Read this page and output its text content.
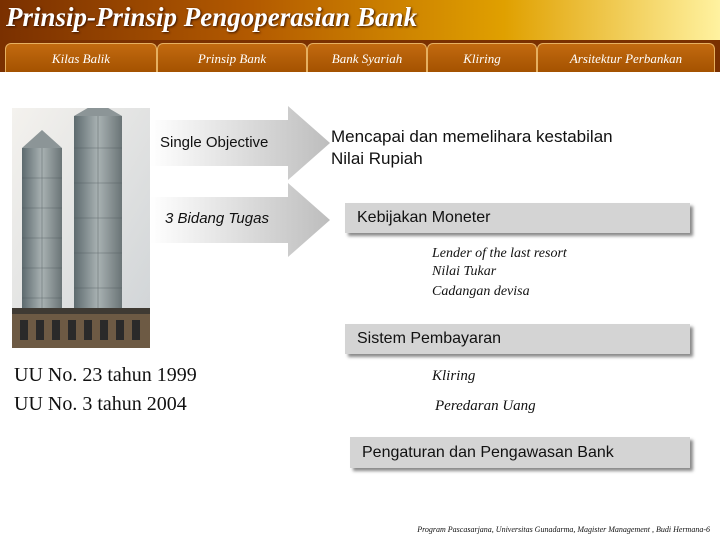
Prinsip-Prinsip Pengoperasian Bank
Kilas Balik	Prinsip Bank	Bank Syariah	Kliring	Arsitektur Perbankan
Single Objective
3 Bidang Tugas
Mencapai dan memelihara kestabilan
Nilai Rupiah
Kebijakan Moneter
Lender of the last resort
Nilai Tukar
Cadangan devisa
Sistem Pembayaran
Kliring
Peredaran Uang
Pengaturan dan Pengawasan Bank
UU No. 23 tahun 1999
UU No. 3 tahun 2004
Program Pascasarjana, Universitas Gunadarma, Magister Management , Budi Hermana-6
